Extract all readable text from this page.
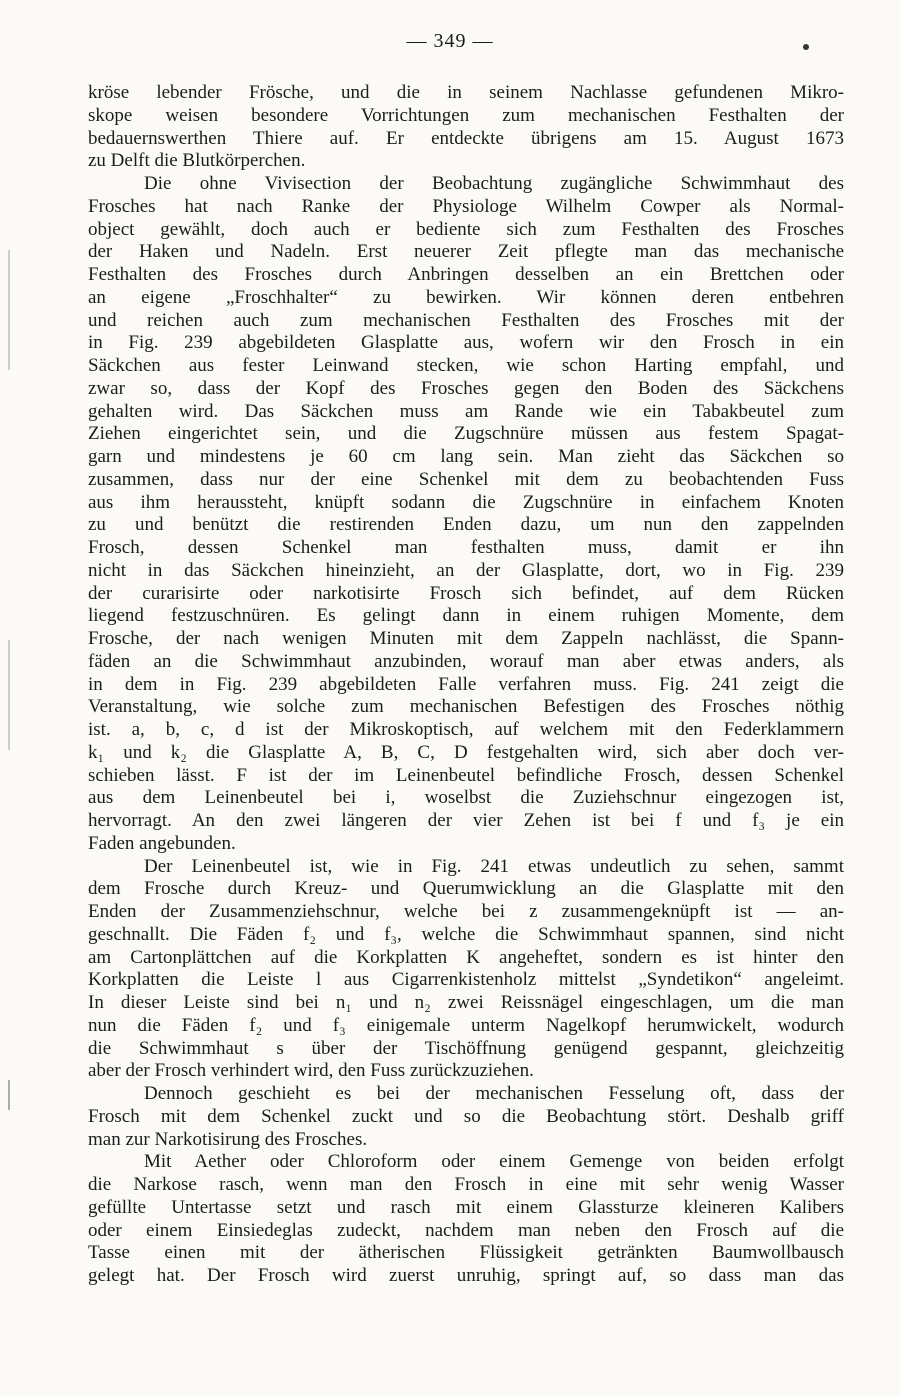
— 349 —
kröse lebender Frösche, und die in seinem Nachlasse gefundenen Mikro-
skope weisen besondere Vorrichtungen zum mechanischen Festhalten der
bedauernswerthen Thiere auf. Er entdeckte übrigens am 15. August 1673
zu Delft die Blutkörperchen.
Die ohne Vivisection der Beobachtung zugängliche Schwimmhaut des
Frosches hat nach Ranke der Physiologe Wilhelm Cowper als Normal-
object gewählt, doch auch er bediente sich zum Festhalten des Frosches
der Haken und Nadeln. Erst neuerer Zeit pflegte man das mechanische
Festhalten des Frosches durch Anbringen desselben an ein Brettchen oder
an eigene „Froschhalter“ zu bewirken. Wir können deren entbehren
und reichen auch zum mechanischen Festhalten des Frosches mit der
in Fig. 239 abgebildeten Glasplatte aus, wofern wir den Frosch in ein
Säckchen aus fester Leinwand stecken, wie schon Harting empfahl, und
zwar so, dass der Kopf des Frosches gegen den Boden des Säckchens
gehalten wird. Das Säckchen muss am Rande wie ein Tabakbeutel zum
Ziehen eingerichtet sein, und die Zugschnüre müssen aus festem Spagat-
garn und mindestens je 60 cm lang sein. Man zieht das Säckchen so
zusammen, dass nur der eine Schenkel mit dem zu beobachtenden Fuss
aus ihm heraussteht, knüpft sodann die Zugschnüre in einfachem Knoten
zu und benützt die restirenden Enden dazu, um nun den zappelnden
Frosch, dessen Schenkel man festhalten muss, damit er ihn
nicht in das Säckchen hineinzieht, an der Glasplatte, dort, wo in Fig. 239
der curarisirte oder narkotisirte Frosch sich befindet, auf dem Rücken
liegend festzuschnüren. Es gelingt dann in einem ruhigen Momente, dem
Frosche, der nach wenigen Minuten mit dem Zappeln nachlässt, die Spann-
fäden an die Schwimmhaut anzubinden, worauf man aber etwas anders, als
in dem in Fig. 239 abgebildeten Falle verfahren muss. Fig. 241 zeigt die
Veranstaltung, wie solche zum mechanischen Befestigen des Frosches nöthig
ist. a, b, c, d ist der Mikroskoptisch, auf welchem mit den Federklammern
k₁ und k₂ die Glasplatte A, B, C, D festgehalten wird, sich aber doch ver-
schieben lässt. F ist der im Leinenbeutel befindliche Frosch, dessen Schenkel
aus dem Leinenbeutel bei i, woselbst die Zuziehschnur eingezogen ist,
hervorragt. An den zwei längeren der vier Zehen ist bei f und f₃ je ein
Faden angebunden.
Der Leinenbeutel ist, wie in Fig. 241 etwas undeutlich zu sehen, sammt
dem Frosche durch Kreuz- und Querumwicklung an die Glasplatte mit den
Enden der Zusammenziehschnur, welche bei z zusammengeknüpft ist — an-
geschnallt. Die Fäden f₂ und f₃, welche die Schwimmhaut spannen, sind nicht
am Cartonplättchen auf die Korkplatten K angeheftet, sondern es ist hinter den
Korkplatten die Leiste l aus Cigarrenkistenholz mittelst „Syndetikon“ angeleimt.
In dieser Leiste sind bei n₁ und n₂ zwei Reissnägel eingeschlagen, um die man
nun die Fäden f₂ und f₃ einigemale unterm Nagelkopf herumwickelt, wodurch
die Schwimmhaut s über der Tischöffnung genügend gespannt, gleichzeitig
aber der Frosch verhindert wird, den Fuss zurückzuziehen.
Dennoch geschieht es bei der mechanischen Fesselung oft, dass der
Frosch mit dem Schenkel zuckt und so die Beobachtung stört. Deshalb griff
man zur Narkotisirung des Frosches.
Mit Aether oder Chloroform oder einem Gemenge von beiden erfolgt
die Narkose rasch, wenn man den Frosch in eine mit sehr wenig Wasser
gefüllte Untertasse setzt und rasch mit einem Glassturze kleineren Kalibers
oder einem Einsiedeglas zudeckt, nachdem man neben den Frosch auf die
Tasse einen mit der ätherischen Flüssigkeit getränkten Baumwollbausch
gelegt hat. Der Frosch wird zuerst unruhig, springt auf, so dass man das
